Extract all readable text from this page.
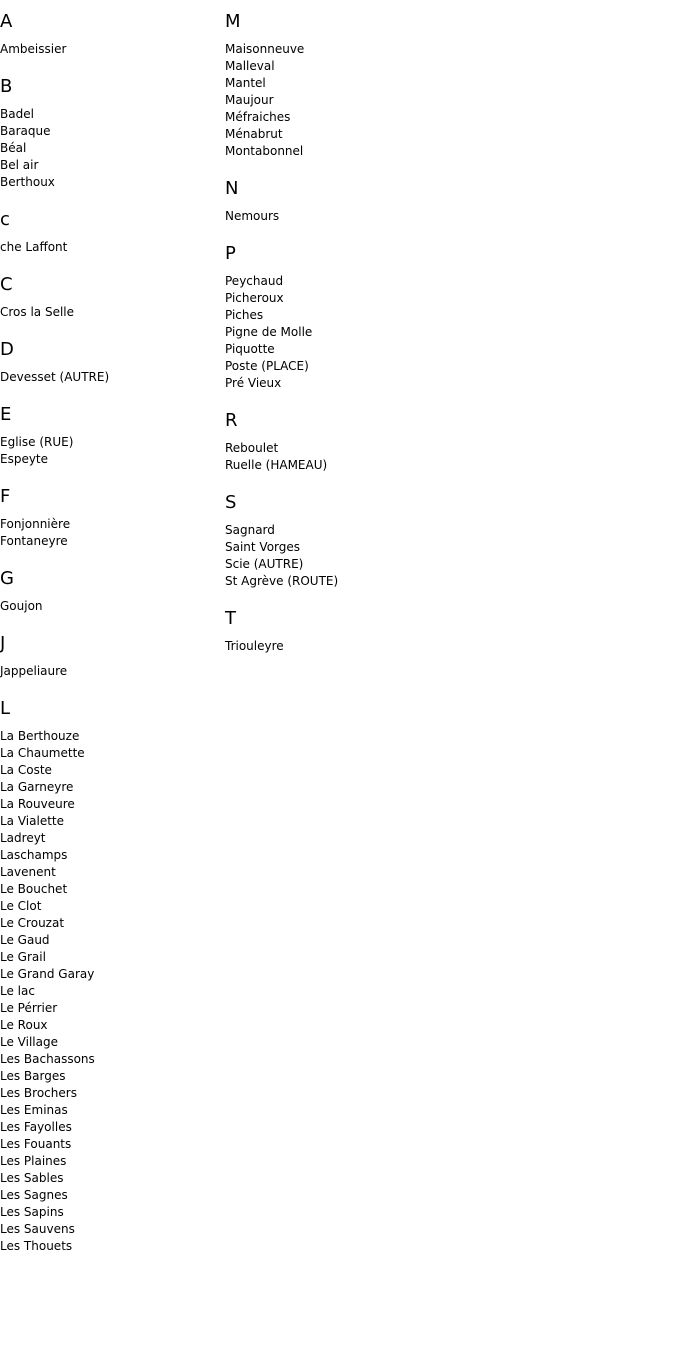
A
Ambeissier
B
Badel
Baraque
Béal
Bel air
Berthoux
c
che Laffont
C
Cros la Selle
D
Devesset (AUTRE)
E
Eglise (RUE)
Espeyte
F
Fonjonnière
Fontaneyre
G
Goujon
J
Jappeliaure
L
La Berthouze
La Chaumette
La Coste
La Garneyre
La Rouveure
La Vialette
Ladreyt
Laschamps
Lavenent
Le Bouchet
Le Clot
Le Crouzat
Le Gaud
Le Grail
Le Grand Garay
Le lac
Le Pérrier
Le Roux
Le Village
Les Bachassons
Les Barges
Les Brochers
Les Eminas
Les Fayolles
Les Fouants
Les Plaines
Les Sables
Les Sagnes
Les Sapins
Les Sauvens
Les Thouets
M
Maisonneuve
Malleval
Mantel
Maujour
Méfraiches
Ménabrut
Montabonnel
N
Nemours
P
Peychaud
Picheroux
Piches
Pigne de Molle
Piquotte
Poste (PLACE)
Pré Vieux
R
Reboulet
Ruelle (HAMEAU)
S
Sagnard
Saint Vorges
Scie (AUTRE)
St Agrève (ROUTE)
T
Triouleyre
